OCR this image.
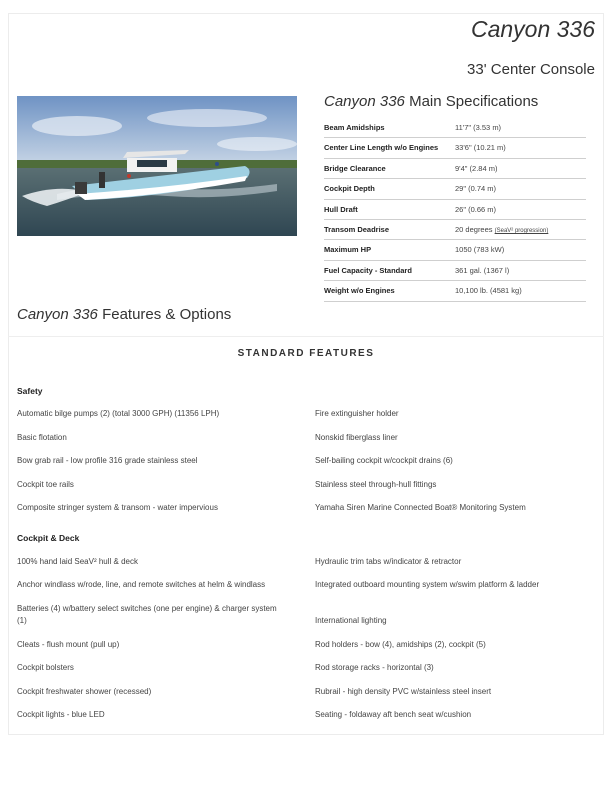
Canyon 336
33' Center Console
Canyon 336 Main Specifications
Beam Amidships	11'7" (3.53 m)
Center Line Length w/o Engines 33'6" (10.21 m)
Bridge Clearance	9'4" (2.84 m)
Cockpit Depth	29" (0.74 m)
Hull Draft	26" (0.66 m)
Transom Deadrise	20 degrees (SeaV² progression)
Maximum HP	1050 (783 kW)
Fuel Capacity - Standard	361 gal. (1367 l)
Weight w/o Engines	10,100 lb. (4581 kg)
Canyon 336 Features & Options
STANDARD FEATURES
Safety
Automatic bilge pumps (2) (total 3000 GPH) (11356 LPH)
Basic flotation
Bow grab rail - low profile 316 grade stainless steel
Cockpit toe rails
Composite stringer system & transom - water impervious
Fire extinguisher holder
Nonskid fiberglass liner
Self-bailing cockpit w/cockpit drains (6)
Stainless steel through-hull fittings
Yamaha Siren Marine Connected Boat® Monitoring System
Cockpit & Deck
100% hand laid SeaV² hull & deck
Anchor windlass w/rode, line, and remote switches at helm & windlass
Batteries (4) w/battery select switches (one per engine) & charger system (1)
Cleats - flush mount (pull up)
Cockpit bolsters
Cockpit freshwater shower (recessed)
Cockpit lights - blue LED
Hydraulic trim tabs w/indicator & retractor
Integrated outboard mounting system w/swim platform & ladder
International lighting
Rod holders - bow (4), amidships (2), cockpit (5)
Rod storage racks - horizontal (3)
Rubrail - high density PVC w/stainless steel insert
Seating - foldaway aft bench seat w/cushion
